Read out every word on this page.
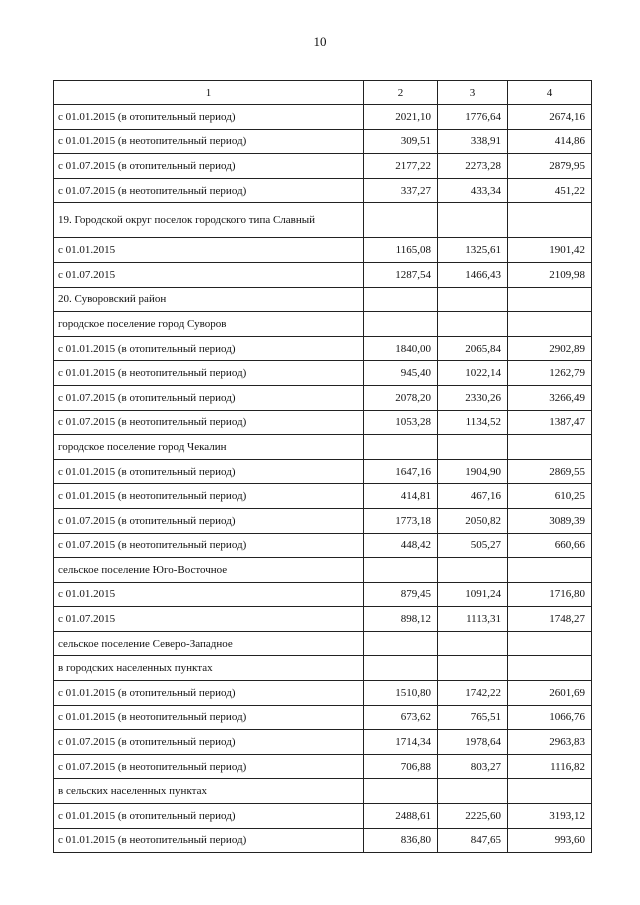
10
1	2	3	4
с 01.01.2015 (в отопительный период)	2021,10	1776,64	2674,16
с 01.01.2015 (в неотопительный период)	309,51	338,91	414,86
с 01.07.2015 (в отопительный период)	2177,22	2273,28	2879,95
с 01.07.2015 (в неотопительный период)	337,27	433,34	451,22
19. Городской округ поселок городского типа Славный			
с 01.01.2015	1165,08	1325,61	1901,42
с 01.07.2015	1287,54	1466,43	2109,98
20. Суворовский район			
городское поселение город Суворов			
с 01.01.2015 (в отопительный период)	1840,00	2065,84	2902,89
с 01.01.2015 (в неотопительный период)	945,40	1022,14	1262,79
с 01.07.2015 (в отопительный период)	2078,20	2330,26	3266,49
с 01.07.2015 (в неотопительный период)	1053,28	1134,52	1387,47
городское поселение город Чекалин			
с 01.01.2015 (в отопительный период)	1647,16	1904,90	2869,55
с 01.01.2015 (в неотопительный период)	414,81	467,16	610,25
с 01.07.2015 (в отопительный период)	1773,18	2050,82	3089,39
с 01.07.2015 (в неотопительный период)	448,42	505,27	660,66
сельское поселение Юго-Восточное			
с 01.01.2015	879,45	1091,24	1716,80
с 01.07.2015	898,12	1113,31	1748,27
сельское поселение Северо-Западное			
в городских населенных пунктах			
с 01.01.2015 (в отопительный период)	1510,80	1742,22	2601,69
с 01.01.2015 (в неотопительный период)	673,62	765,51	1066,76
с 01.07.2015 (в отопительный период)	1714,34	1978,64	2963,83
с 01.07.2015 (в неотопительный период)	706,88	803,27	1116,82
в сельских населенных пунктах			
с 01.01.2015 (в отопительный период)	2488,61	2225,60	3193,12
с 01.01.2015 (в неотопительный период)	836,80	847,65	993,60
